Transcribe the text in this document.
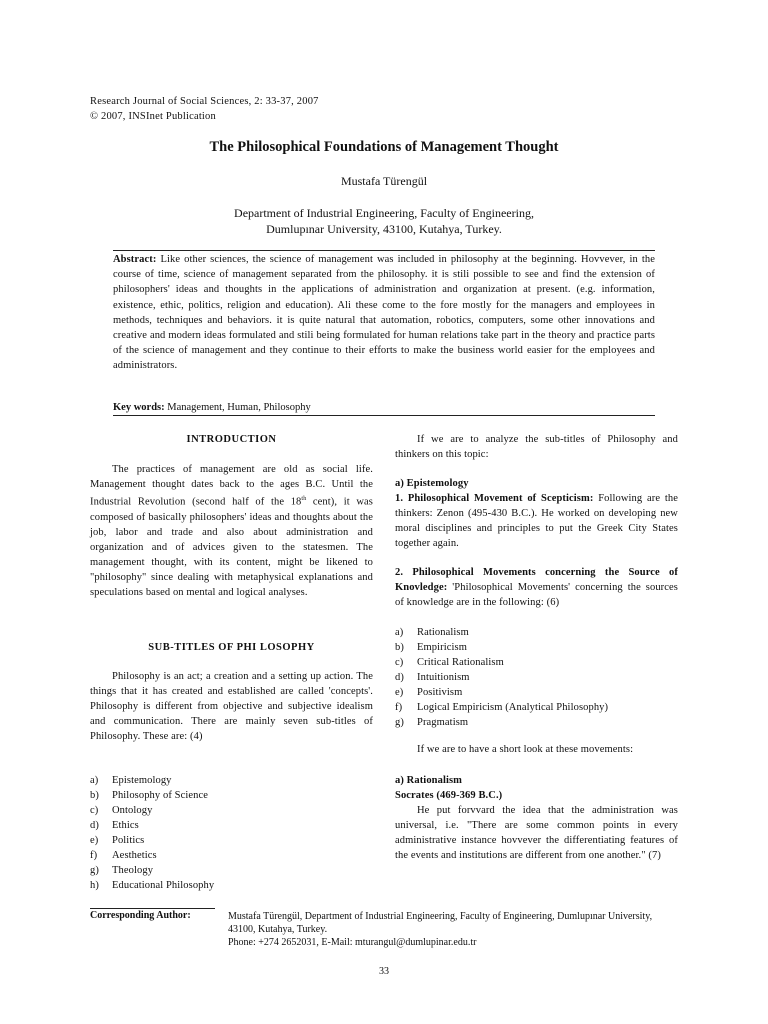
Research Journal of Social Sciences, 2: 33-37, 2007
© 2007, INSInet Publication
The Philosophical Foundations of Management Thought
Mustafa Türengül
Department of Industrial Engineering, Faculty of Engineering,
Dumlupınar University, 43100, Kutahya, Turkey.
Abstract: Like other sciences, the science of management was included in philosophy at the beginning. Hovvever, in the course of time, science of management separated from the philosophy. it is stili possible to see and find the extension of philosophers' ideas and thoughts in the applications of administration and organization at present. (e.g. information, existence, ethic, politics, religion and education). Ali these come to the fore mostly for the managers and employees in methods, techniques and behaviors. it is quite natural that automation, robotics, computers, some other innovations and creative and modern ideas formulated and stili being formulated for human relations take part in the theory and practice parts of the science of management and they continue to their efforts to make the business world easier for the employees and administrators.
Key words: Management, Human, Philosophy
INTRODUCTION
The practices of management are old as social life. Management thought dates back to the ages B.C. Until the Industrial Revolution (second half of the 18th cent), it was composed of basically philosophers' ideas and thoughts about the job, labor and trade and also about administration and organization and of advices given to the statesmen. The management thought, with its content, might be likened to "philosophy" since dealing with metaphysical explanations and speculations based on mental and logical analyses.
SUB-TITLES OF PHI LOSOPHY
Philosophy is an act; a creation and a setting up action. The things that it has created and established are called 'concepts'. Philosophy is different from objective and subjective idealism and communication. There are mainly seven sub-titles of Philosophy. These are: (4)
a)	Epistemology
b)	Philosophy of Science
c)	Ontology
d)	Ethics
e)	Politics
f)	Aesthetics
g)	Theology
h)	Educational Philosophy
If we are to analyze the sub-titles of Philosophy and thinkers on this topic:
a) Epistemology
1. Philosophical Movement of Scepticism: Following are the thinkers: Zenon (495-430 B.C.). He worked on developing new moral disciplines and principles to put the Greek City States together again.
2. Philosophical Movements concerning the Source of Knovledge: 'Philosophical Movements' concerning the sources of knowledge are in the following: (6)
a)	Rationalism
b)	Empiricism
c)	Critical Rationalism
d)	Intuitionism
e)	Positivism
f)	Logical Empiricism (Analytical Philosophy)
g)	Pragmatism
If we are to have a short look at these movements:
a) Rationalism
Socrates (469-369 B.C.)
He put forvvard the idea that the administration was universal, i.e. "There are some common points in every administrative instance hovvever the differentiating features of the events and institutions are different from one another." (7)
Corresponding Author:	Mustafa Türengül, Department of Industrial Engineering, Faculty of Engineering, Dumlupınar University, 43100, Kutahya, Turkey.
Phone: +274 2652031, E-Mail: mturangul@dumlupinar.edu.tr
33
